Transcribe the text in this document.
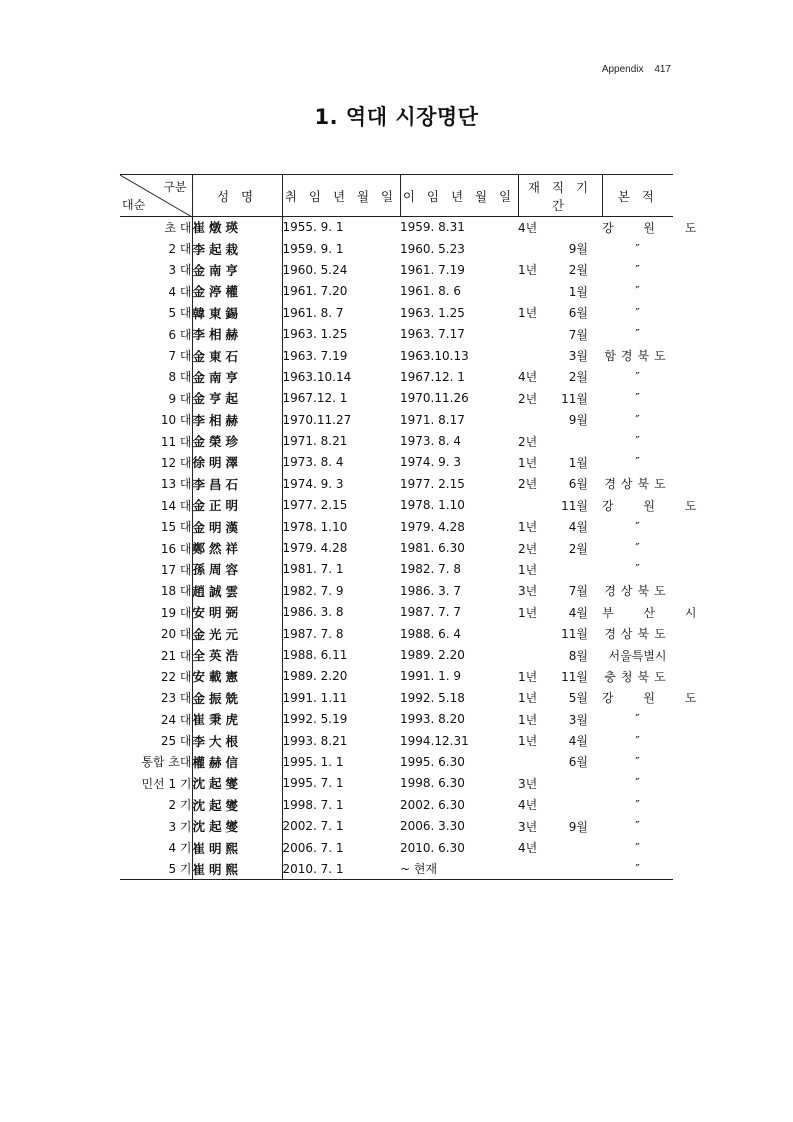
Appendix 417
1. 역대 시장명단
구분
대순	성 명	취 임 년 월 일	이 임 년 월 일	재 직 기 간	본 적
초 대	崔燉瑛	1955. 9. 1	1959. 8.31	4년	강 원 도
2 대	李起栽	1959. 9. 1	1960. 5.23	9월	″
3 대	金南亨	1960. 5.24	1961. 7.19	1년 2월	″
4 대	金渟權	1961. 7.20	1961. 8. 6	1월	″
5 대	韓東錫	1961. 8. 7	1963. 1.25	1년 6월	″
6 대	李相赫	1963. 1.25	1963. 7.17	7월	″
7 대	金東石	1963. 7.19	1963.10.13	3월	함경북도
8 대	金南亨	1963.10.14	1967.12. 1	4년 2월	″
9 대	金亨起	1967.12. 1	1970.11.26	2년 11월	″
10 대	李相赫	1970.11.27	1971. 8.17	9월	″
11 대	金榮珍	1971. 8.21	1973. 8. 4	2년	″
12 대	徐明澤	1973. 8. 4	1974. 9. 3	1년 1월	″
13 대	李昌石	1974. 9. 3	1977. 2.15	2년 6월	경상북도
14 대	金正明	1977. 2.15	1978. 1.10	11월	강 원 도
15 대	金明漢	1978. 1.10	1979. 4.28	1년 4월	″
16 대	鄭然祥	1979. 4.28	1981. 6.30	2년 2월	″
17 대	孫周容	1981. 7. 1	1982. 7. 8	1년	″
18 대	趙誠雲	1982. 7. 9	1986. 3. 7	3년 7월	경상북도
19 대	安明弼	1986. 3. 8	1987. 7. 7	1년 4월	부 산 시
20 대	金光元	1987. 7. 8	1988. 6. 4	11월	경상북도
21 대	全英浩	1988. 6.11	1989. 2.20	8월	서울특별시
22 대	安載憲	1989. 2.20	1991. 1. 9	1년 11월	충청북도
23 대	金振兟	1991. 1.11	1992. 5.18	1년 5월	강 원 도
24 대	崔秉虎	1992. 5.19	1993. 8.20	1년 3월	″
25 대	李大根	1993. 8.21	1994.12.31	1년 4월	″
통합 초대	權赫信	1995. 1. 1	1995. 6.30	6월	″
민선 1 기	沈起燮	1995. 7. 1	1998. 6.30	3년	″
2 기	沈起燮	1998. 7. 1	2002. 6.30	4년	″
3 기	沈起燮	2002. 7. 1	2006. 3.30	3년 9월	″
4 기	崔明熙	2006. 7. 1	2010. 6.30	4년	″
5 기	崔明熙	2010. 7. 1	~ 현재		″
